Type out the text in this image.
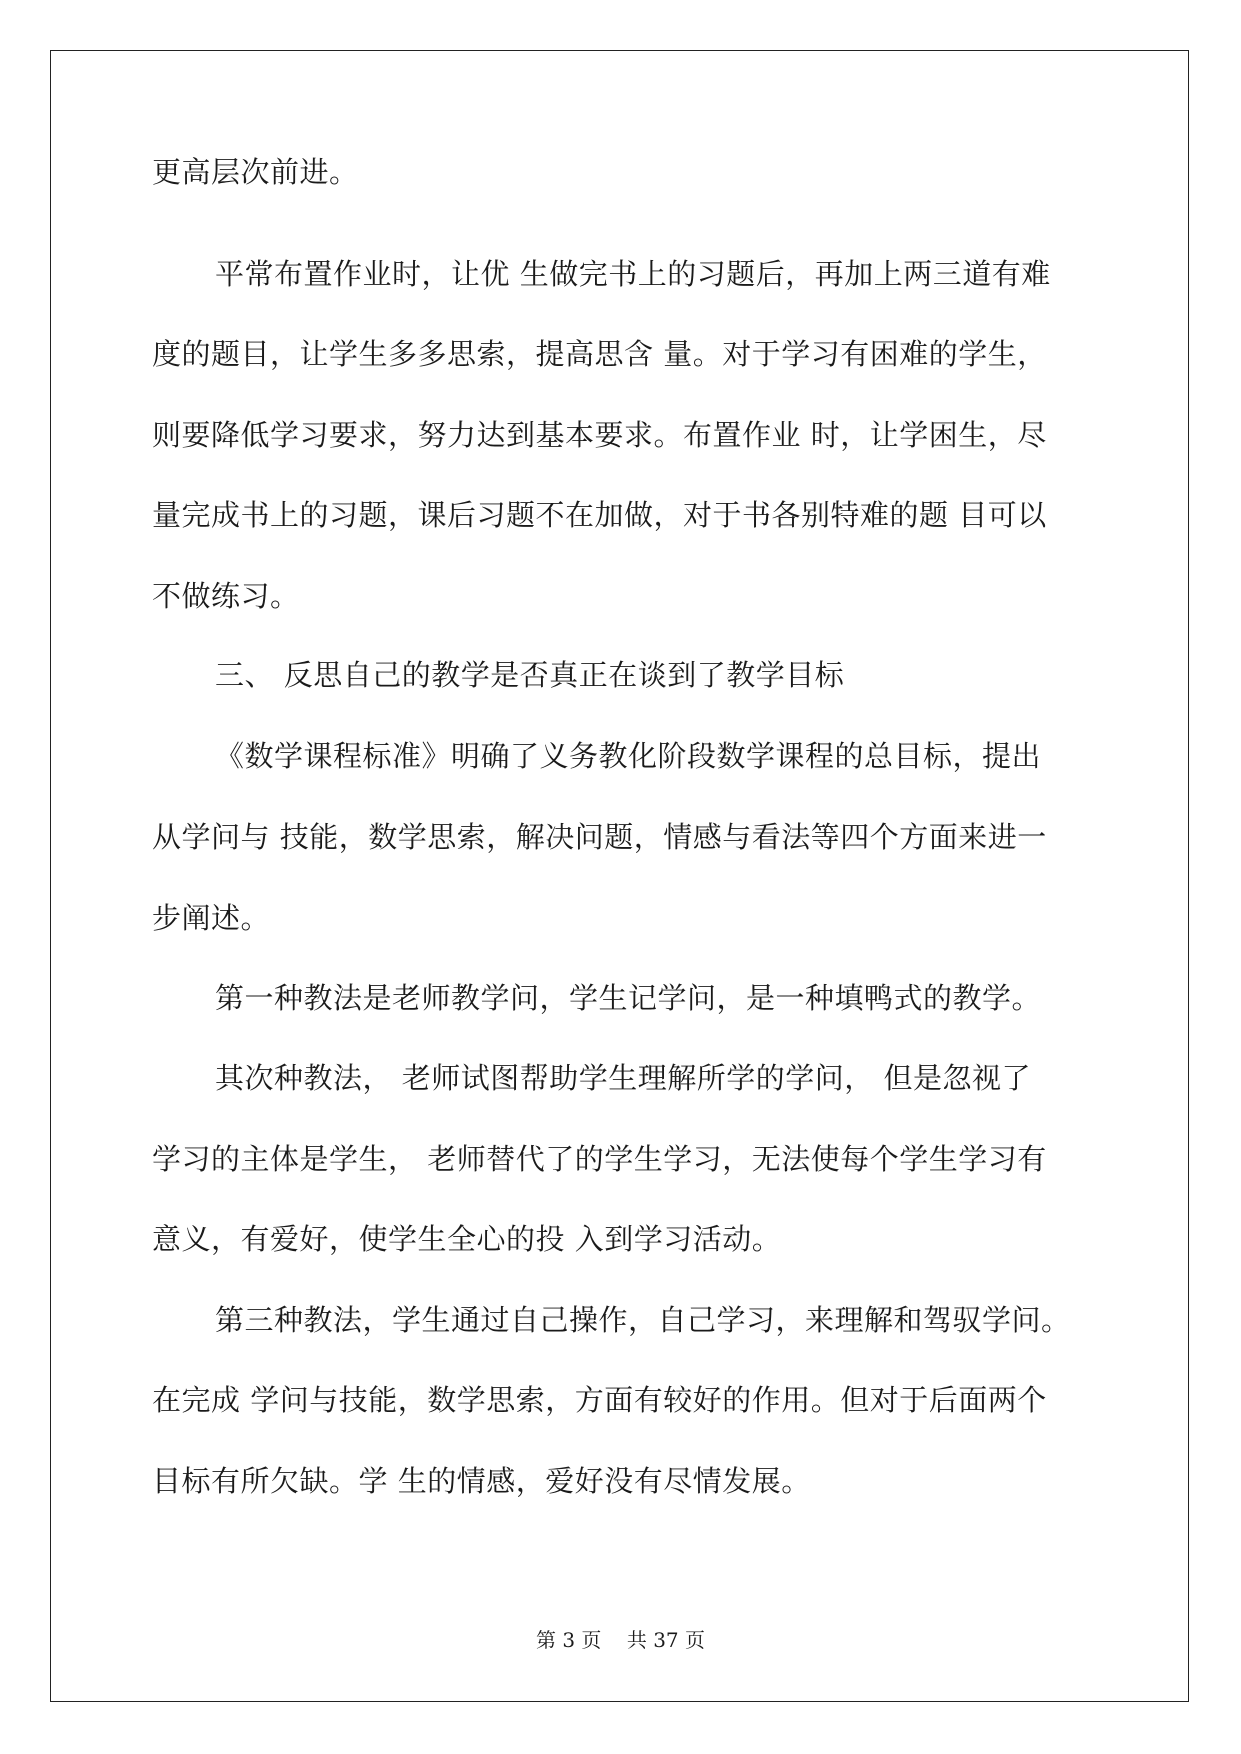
更高层次前进。
平常布置作业时，让优 生做完书上的习题后，再加上两三道有难
度的题目，让学生多多思索，提高思含 量。对于学习有困难的学生，
则要降低学习要求，努力达到基本要求。布置作业 时，让学困生，尽
量完成书上的习题，课后习题不在加做，对于书各别特难的题 目可以
不做练习。
三、 反思自己的教学是否真正在谈到了教学目标
《数学课程标准》明确了义务教化阶段数学课程的总目标，提出
从学问与 技能，数学思索，解决问题，情感与看法等四个方面来进一
步阐述。
第一种教法是老师教学问，学生记学问，是一种填鸭式的教学。
其次种教法， 老师试图帮助学生理解所学的学问， 但是忽视了
学习的主体是学生， 老师替代了的学生学习，无法使每个学生学习有
意义，有爱好，使学生全心的投 入到学习活动。
第三种教法，学生通过自己操作，自己学习，来理解和驾驭学问。
在完成 学问与技能，数学思索，方面有较好的作用。但对于后面两个
目标有所欠缺。学 生的情感，爱好没有尽情发展。
第 3 页    共 37 页
